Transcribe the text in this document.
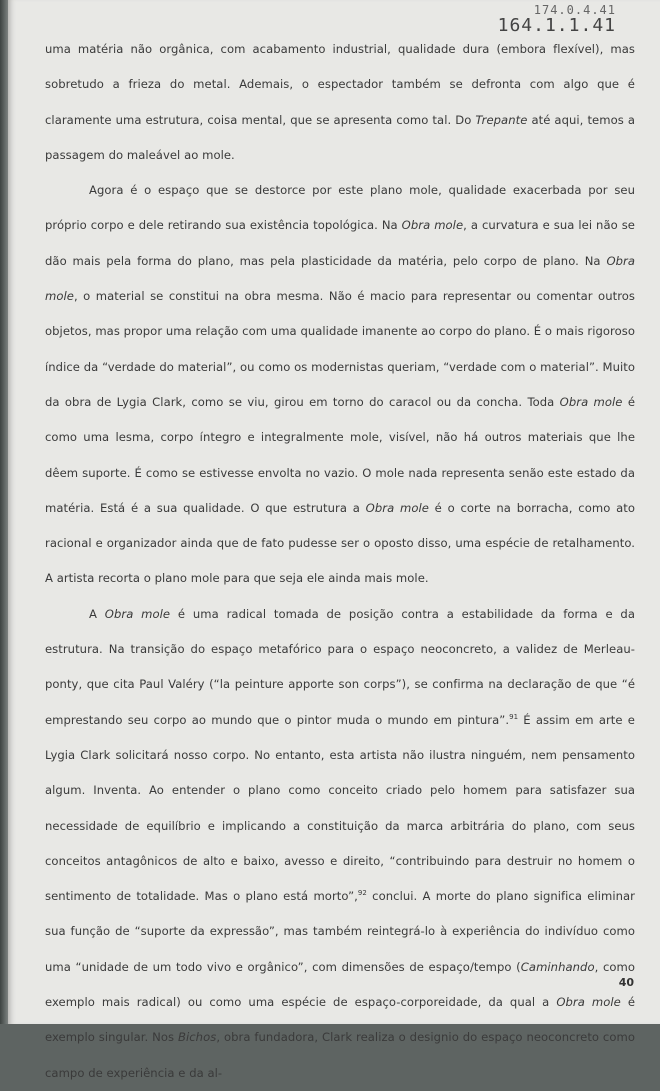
174.0.4.41
164.1.1.41

uma matéria não orgânica, com acabamento industrial, qualidade dura (embora flexível), mas sobretudo a frieza do metal. Ademais, o espectador também se defronta com algo que é claramente uma estrutura, coisa mental, que se apresenta como tal. Do Trepante até aqui, temos a passagem do maleável ao mole.

Agora é o espaço que se destorce por este plano mole, qualidade exacerbada por seu próprio corpo e dele retirando sua existência topológica. Na Obra mole, a curvatura e sua lei não se dão mais pela forma do plano, mas pela plasticidade da matéria, pelo corpo de plano. Na Obra mole, o material se constitui na obra mesma. Não é macio para representar ou comentar outros objetos, mas propor uma relação com uma qualidade imanente ao corpo do plano. É o mais rigoroso índice da “verdade do material”, ou como os modernistas queriam, “verdade com o material”. Muito da obra de Lygia Clark, como se viu, girou em torno do caracol ou da concha. Toda Obra mole é como uma lesma, corpo íntegro e integralmente mole, visível, não há outros materiais que lhe dêem suporte. É como se estivesse envolta no vazio. O mole nada representa senão este estado da matéria. Está é a sua qualidade. O que estrutura a Obra mole é o corte na borracha, como ato racional e organizador ainda que de fato pudesse ser o oposto disso, uma espécie de retalhamento. A artista recorta o plano mole para que seja ele ainda mais mole.

A Obra mole é uma radical tomada de posição contra a estabilidade da forma e da estrutura. Na transição do espaço metafórico para o espaço neoconcreto, a validez de Merleau-ponty, que cita Paul Valéry (“la peinture apporte son corps”), se confirma na declaração de que “é emprestando seu corpo ao mundo que o pintor muda o mundo em pintura”.$^{91}$ É assim em arte e Lygia Clark solicitará nosso corpo. No entanto, esta artista não ilustra ninguém, nem pensamento algum. Inventa. Ao entender o plano como conceito criado pelo homem para satisfazer sua necessidade de equilíbrio e implicando a constituição da marca arbitrária do plano, com seus conceitos antagônicos de alto e baixo, avesso e direito, “contribuindo para destruir no homem o sentimento de totalidade. Mas o plano está morto”,$^{92}$ conclui. A morte do plano significa eliminar sua função de “suporte da expressão”, mas também reintegrá-lo à experiência do indivíduo como uma “unidade de um todo vivo e orgânico”, com dimensões de espaço/tempo (Caminhando, como exemplo mais radical) ou como uma espécie de espaço-corporeidade, da qual a Obra mole é exemplo singular. Nos Bichos, obra fundadora, Clark realiza o designio do espaço neoconcreto como campo de experiência e da al-

40
